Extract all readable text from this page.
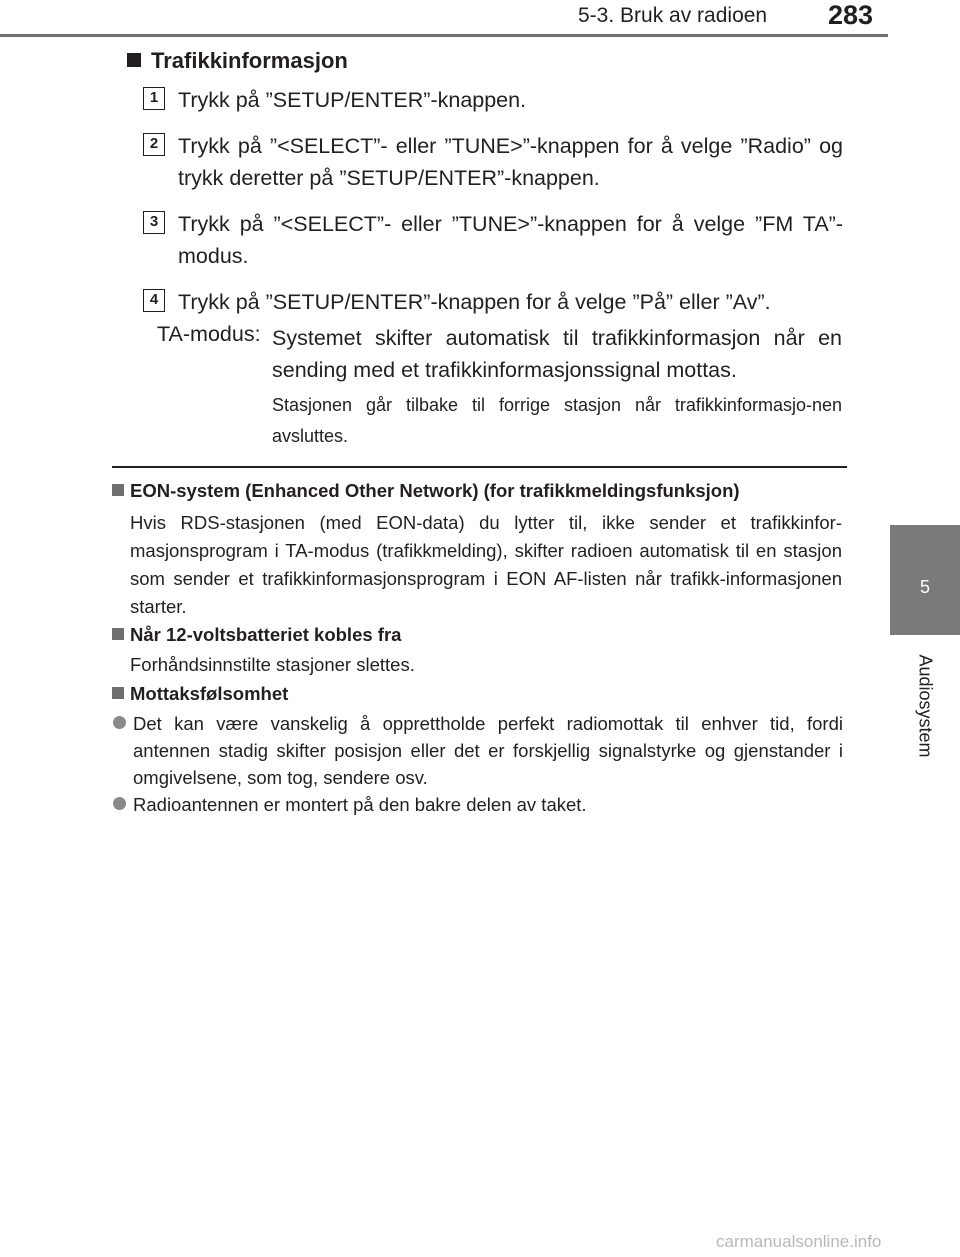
5-3. Bruk av radioen 283
5
Audiosystem
Trafikkinformasjon
1 Trykk på ”SETUP/ENTER”-knappen.
2 Trykk på ”<SELECT”- eller ”TUNE>”-knappen for å velge ”Radio” og trykk deretter på ”SETUP/ENTER”-knappen.
3 Trykk på ”<SELECT”- eller ”TUNE>”-knappen for å velge ”FM TA”-modus.
4 Trykk på ”SETUP/ENTER”-knappen for å velge ”På” eller ”Av”.
TA-modus: Systemet skifter automatisk til trafikkinformasjon når en sending med et trafikkinformasjonssignal mottas.
Stasjonen går tilbake til forrige stasjon når trafikkinformasjo-nen avsluttes.
EON-system (Enhanced Other Network) (for trafikkmeldingsfunksjon)
Hvis RDS-stasjonen (med EON-data) du lytter til, ikke sender et trafikkinfor-masjonsprogram i TA-modus (trafikkmelding), skifter radioen automatisk til en stasjon som sender et trafikkinformasjonsprogram i EON AF-listen når trafikk-informasjonen starter.
Når 12-voltsbatteriet kobles fra
Forhåndsinnstilte stasjoner slettes.
Mottaksfølsomhet
Det kan være vanskelig å opprettholde perfekt radiomottak til enhver tid, fordi antennen stadig skifter posisjon eller det er forskjellig signalstyrke og gjenstander i omgivelsene, som tog, sendere osv.
Radioantennen er montert på den bakre delen av taket.
carmanualsonline.info
